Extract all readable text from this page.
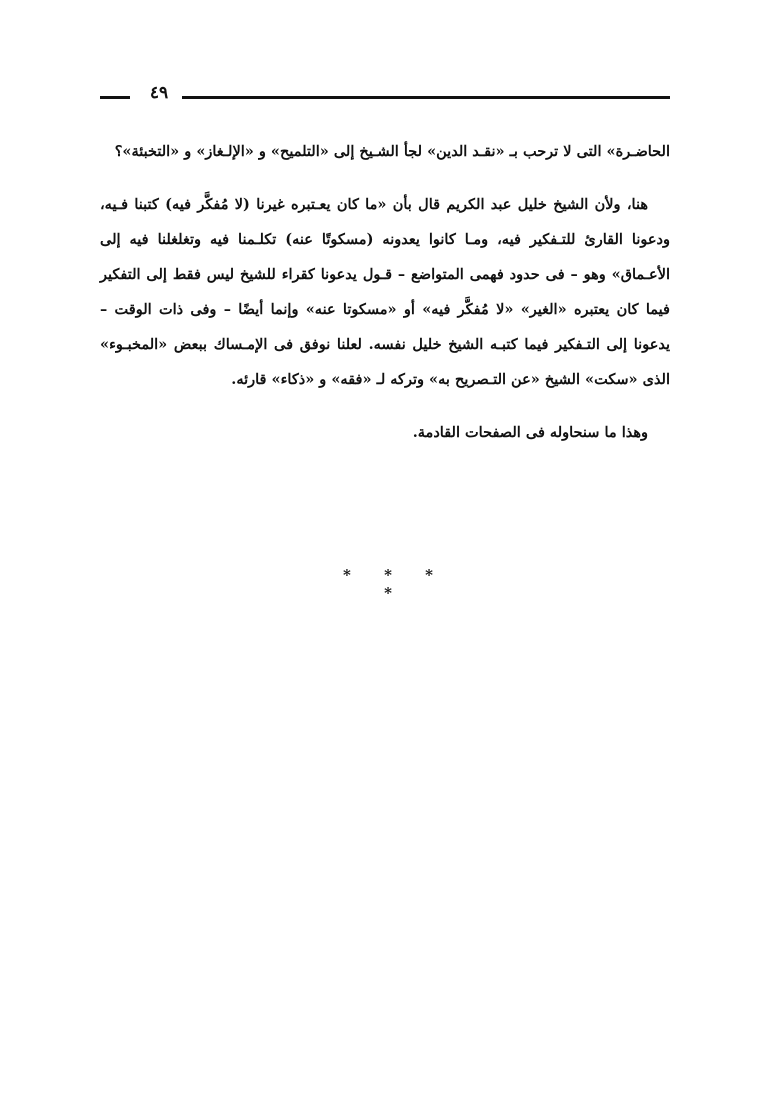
٤٩

الحاضـرة» التى لا ترحب بـ «نقـد الدين» لجأ الشـيخ إلى «التلميح» و «الإلـغاز» و «التخبئة»؟

هنا، ولأن الشيخ خليل عبد الكريم قال بأن «ما كان يعـتبره غيرنا (لا مُفكَّر فيه) كتبنا فـيه، ودعونا القارئ للتـفكير فيه، ومـا كانوا يعدونه (مسكوتًا عنه) تكلـمنا فيه وتغلغلنا فيه إلى الأعـماق» وهو – فى حدود فهمى المتواضع – قـول يدعونا كقراء للشيخ ليس فقط إلى التفكير فيما كان يعتبره «الغير» «لا مُفكَّر فيه» أو «مسكوتا عنه» وإنما أيضًا – وفى ذات الوقت – يدعونا إلى التـفكير فيما كتبـه الشيخ خليل نفسه. لعلنا نوفق فى الإمـساك ببعض «المخبـوء» الذى «سكت» الشيخ «عن التـصريح به» وتركه لـ «فقه» و «ذكاء» قارئه.

وهذا ما سنحاوله فى الصفحات القادمة.

* * * *
